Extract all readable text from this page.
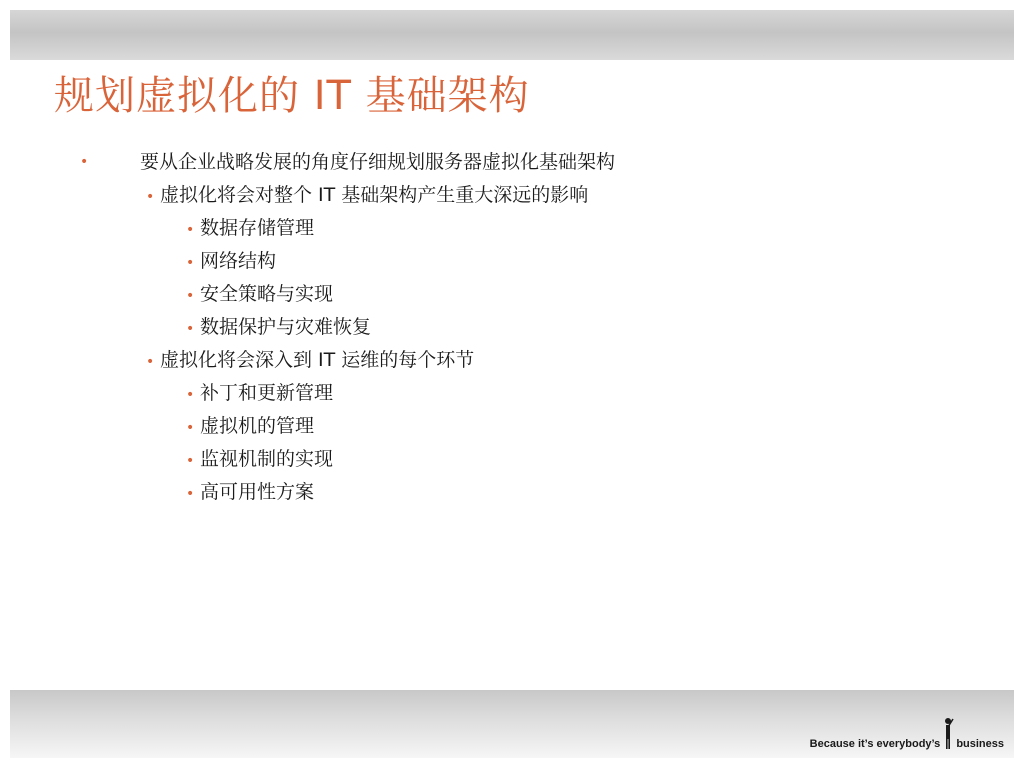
规划虚拟化的 IT 基础架构
•	要从企业战略发展的角度仔细规划服务器虚拟化基础架构
• 虚拟化将会对整个 IT 基础架构产生重大深远的影响
• 数据存储管理
• 网络结构
• 安全策略与实现
• 数据保护与灾难恢复
• 虚拟化将会深入到 IT 运维的每个环节
• 补丁和更新管理
• 虚拟机的管理
• 监视机制的实现
• 高可用性方案
Because it’s everybody’s business
